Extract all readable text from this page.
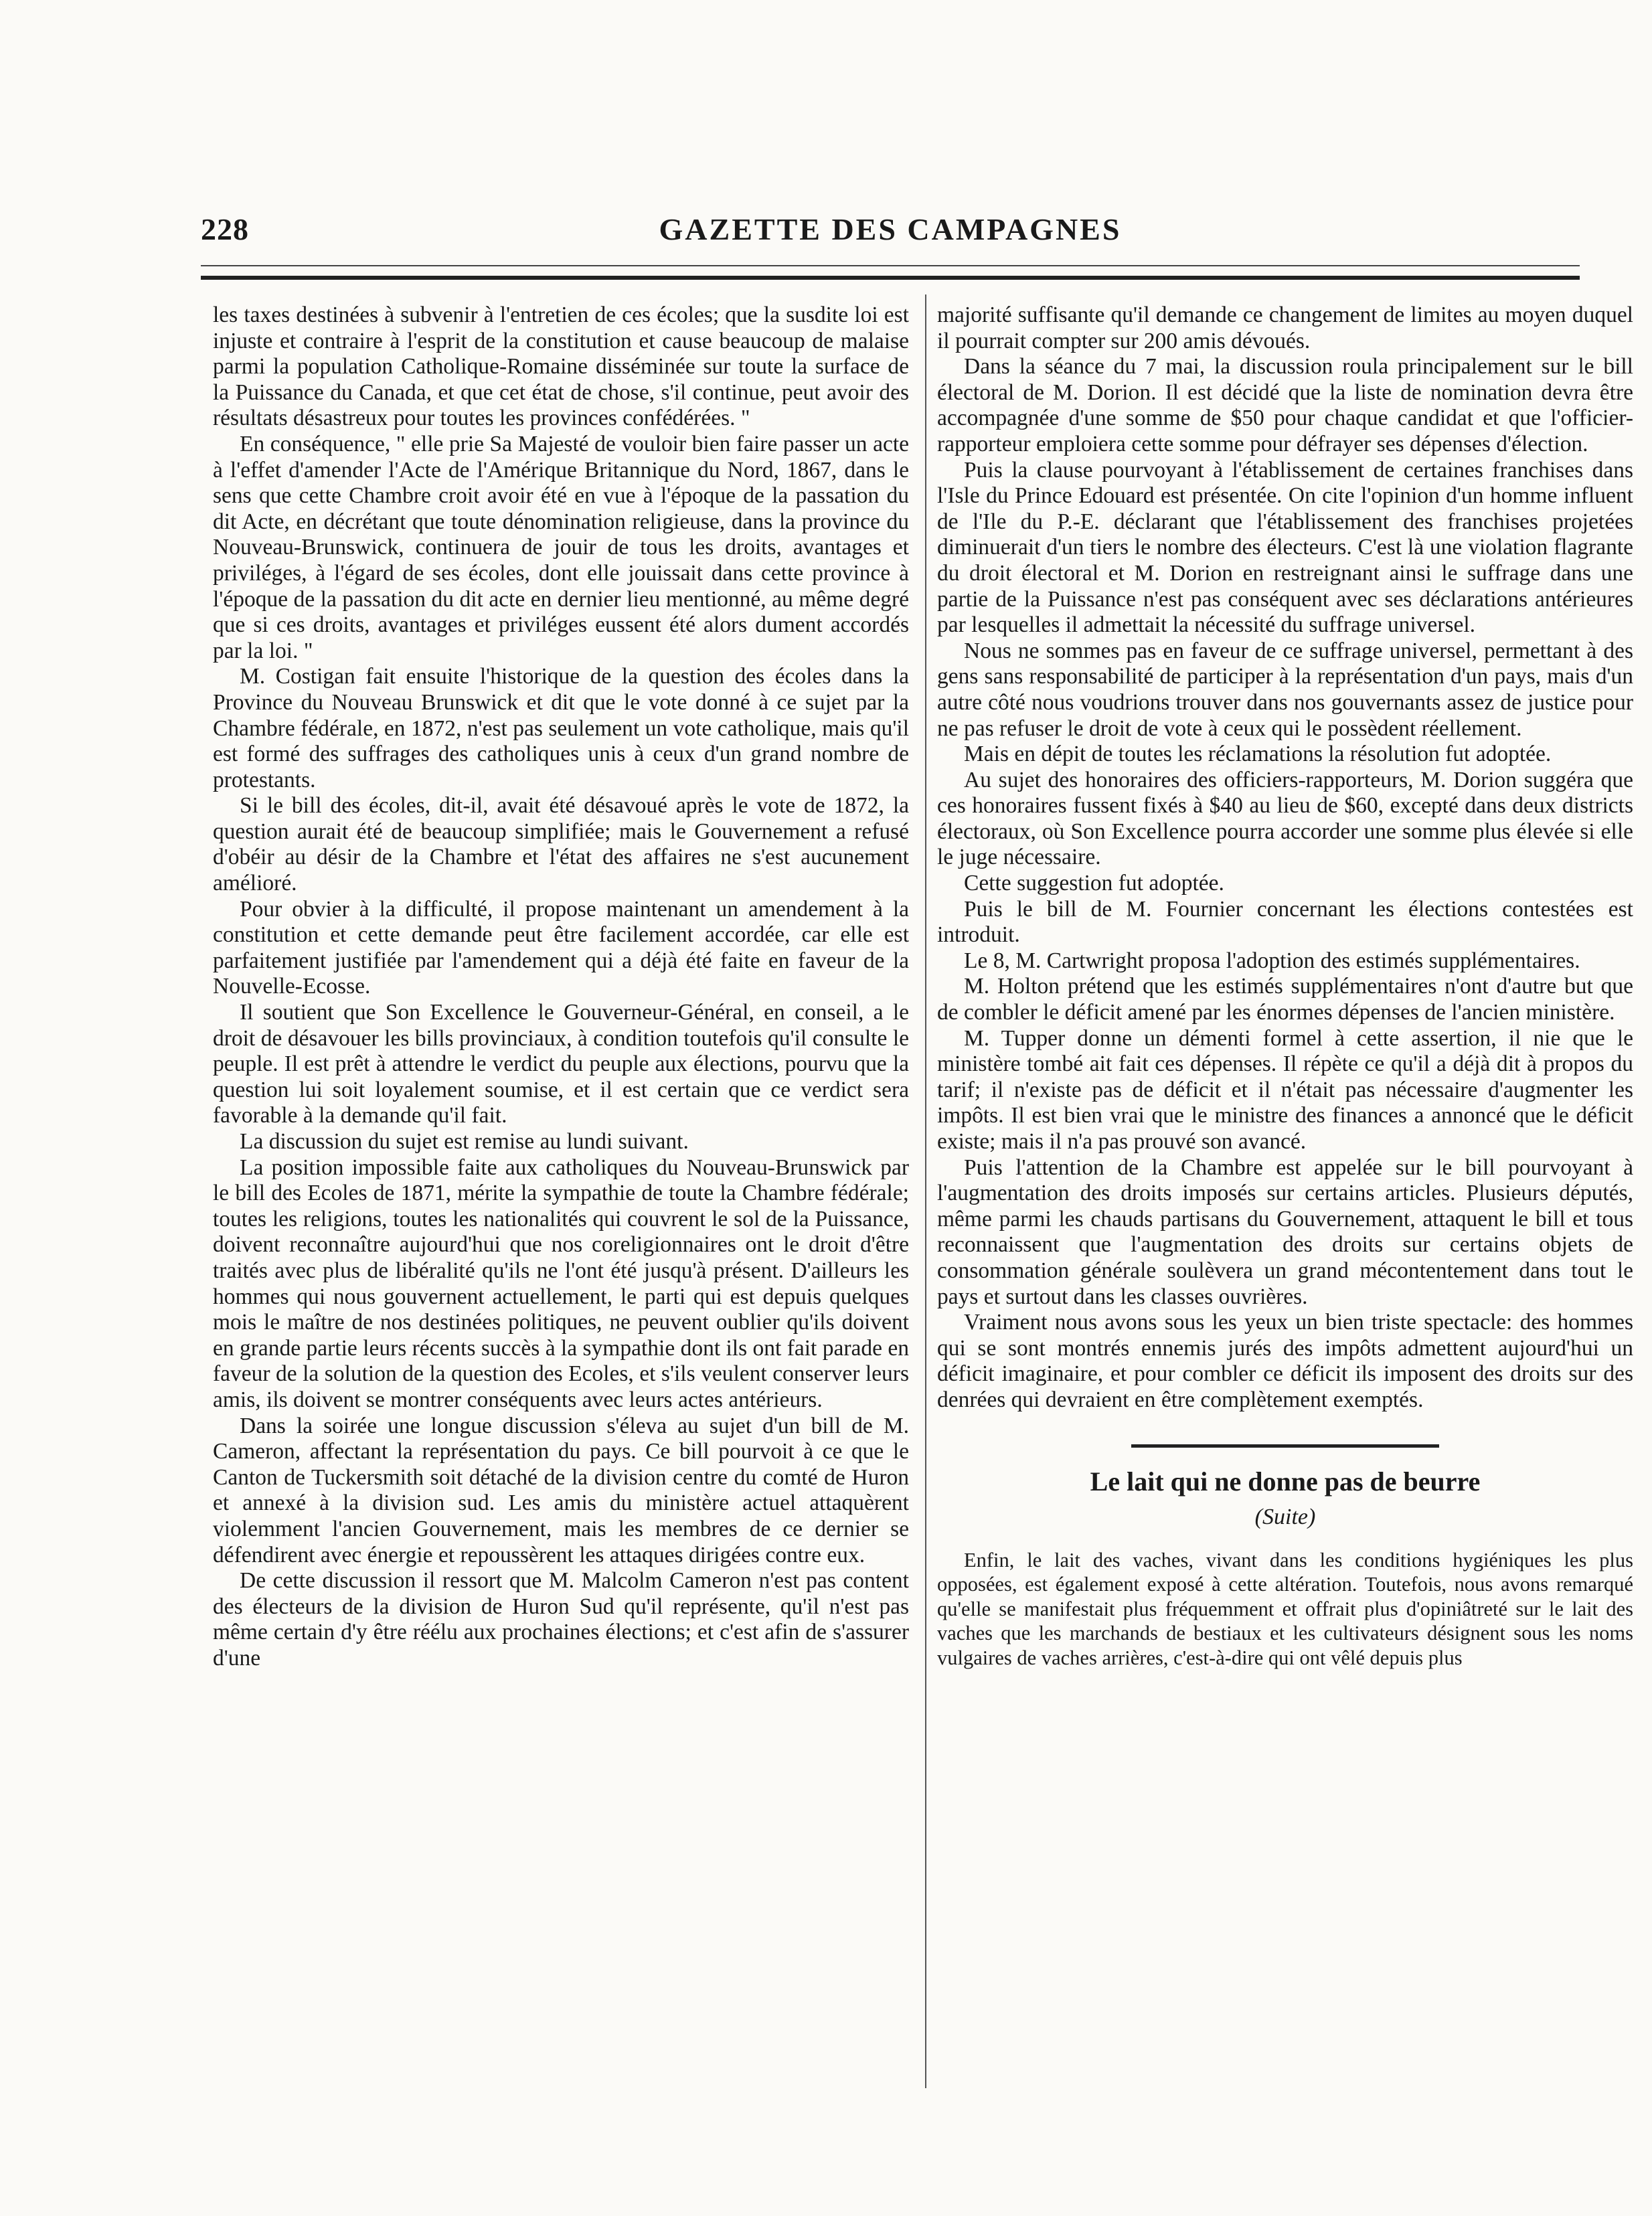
228	GAZETTE DES CAMPAGNES

les taxes destinées à subvenir à l'entretien de ces écoles; que la susdite loi est injuste et contraire à l'esprit de la constitution et cause beaucoup de malaise parmi la population Catholique-Romaine disséminée sur toute la surface de la Puissance du Canada, et que cet état de chose, s'il continue, peut avoir des résultats désastreux pour toutes les provinces confédérées. "

En conséquence, " elle prie Sa Majesté de vouloir bien faire passer un acte à l'effet d'amender l'Acte de l'Amérique Britannique du Nord, 1867, dans le sens que cette Chambre croit avoir été en vue à l'époque de la passation du dit Acte, en décrétant que toute dénomination religieuse, dans la province du Nouveau-Brunswick, continuera de jouir de tous les droits, avantages et priviléges, à l'égard de ses écoles, dont elle jouissait dans cette province à l'époque de la passation du dit acte en dernier lieu mentionné, au même degré que si ces droits, avantages et priviléges eussent été alors dument accordés par la loi. "

M. Costigan fait ensuite l'historique de la question des écoles dans la Province du Nouveau Brunswick et dit que le vote donné à ce sujet par la Chambre fédérale, en 1872, n'est pas seulement un vote catholique, mais qu'il est formé des suffrages des catholiques unis à ceux d'un grand nombre de protestants.

Si le bill des écoles, dit-il, avait été désavoué après le vote de 1872, la question aurait été de beaucoup simplifiée; mais le Gouvernement a refusé d'obéir au désir de la Chambre et l'état des affaires ne s'est aucunement amélioré.

Pour obvier à la difficulté, il propose maintenant un amendement à la constitution et cette demande peut être facilement accordée, car elle est parfaitement justifiée par l'amendement qui a déjà été faite en faveur de la Nouvelle-Ecosse.

Il soutient que Son Excellence le Gouverneur-Général, en conseil, a le droit de désavouer les bills provinciaux, à condition toutefois qu'il consulte le peuple. Il est prêt à attendre le verdict du peuple aux élections, pourvu que la question lui soit loyalement soumise, et il est certain que ce verdict sera favorable à la demande qu'il fait.

La discussion du sujet est remise au lundi suivant.

La position impossible faite aux catholiques du Nouveau-Brunswick par le bill des Ecoles de 1871, mérite la sympathie de toute la Chambre fédérale; toutes les religions, toutes les nationalités qui couvrent le sol de la Puissance, doivent reconnaître aujourd'hui que nos coreligionnaires ont le droit d'être traités avec plus de libéralité qu'ils ne l'ont été jusqu'à présent. D'ailleurs les hommes qui nous gouvernent actuellement, le parti qui est depuis quelques mois le maître de nos destinées politiques, ne peuvent oublier qu'ils doivent en grande partie leurs récents succès à la sympathie dont ils ont fait parade en faveur de la solution de la question des Ecoles, et s'ils veulent conserver leurs amis, ils doivent se montrer conséquents avec leurs actes antérieurs.

Dans la soirée une longue discussion s'éleva au sujet d'un bill de M. Cameron, affectant la représentation du pays. Ce bill pourvoit à ce que le Canton de Tuckersmith soit détaché de la division centre du comté de Huron et annexé à la division sud. Les amis du ministère actuel attaquèrent violemment l'ancien Gouvernement, mais les membres de ce dernier se défendirent avec énergie et repoussèrent les attaques dirigées contre eux.

De cette discussion il ressort que M. Malcolm Cameron n'est pas content des électeurs de la division de Huron Sud qu'il représente, qu'il n'est pas même certain d'y être réélu aux prochaines élections; et c'est afin de s'assurer d'une

majorité suffisante qu'il demande ce changement de limites au moyen duquel il pourrait compter sur 200 amis dévoués.

Dans la séance du 7 mai, la discussion roula principalement sur le bill électoral de M. Dorion. Il est décidé que la liste de nomination devra être accompagnée d'une somme de $50 pour chaque candidat et que l'officier-rapporteur emploiera cette somme pour défrayer ses dépenses d'élection.

Puis la clause pourvoyant à l'établissement de certaines franchises dans l'Isle du Prince Edouard est présentée. On cite l'opinion d'un homme influent de l'Ile du P.-E. déclarant que l'établissement des franchises projetées diminuerait d'un tiers le nombre des électeurs. C'est là une violation flagrante du droit électoral et M. Dorion en restreignant ainsi le suffrage dans une partie de la Puissance n'est pas conséquent avec ses déclarations antérieures par lesquelles il admettait la nécessité du suffrage universel.

Nous ne sommes pas en faveur de ce suffrage universel, permettant à des gens sans responsabilité de participer à la représentation d'un pays, mais d'un autre côté nous voudrions trouver dans nos gouvernants assez de justice pour ne pas refuser le droit de vote à ceux qui le possèdent réellement.

Mais en dépit de toutes les réclamations la résolution fut adoptée.

Au sujet des honoraires des officiers-rapporteurs, M. Dorion suggéra que ces honoraires fussent fixés à $40 au lieu de $60, excepté dans deux districts électoraux, où Son Excellence pourra accorder une somme plus élevée si elle le juge nécessaire.

Cette suggestion fut adoptée.

Puis le bill de M. Fournier concernant les élections contestées est introduit.

Le 8, M. Cartwright proposa l'adoption des estimés supplémentaires.

M. Holton prétend que les estimés supplémentaires n'ont d'autre but que de combler le déficit amené par les énormes dépenses de l'ancien ministère.

M. Tupper donne un démenti formel à cette assertion, il nie que le ministère tombé ait fait ces dépenses. Il répète ce qu'il a déjà dit à propos du tarif; il n'existe pas de déficit et il n'était pas nécessaire d'augmenter les impôts. Il est bien vrai que le ministre des finances a annoncé que le déficit existe; mais il n'a pas prouvé son avancé.

Puis l'attention de la Chambre est appelée sur le bill pourvoyant à l'augmentation des droits imposés sur certains articles. Plusieurs députés, même parmi les chauds partisans du Gouvernement, attaquent le bill et tous reconnaissent que l'augmentation des droits sur certains objets de consommation générale soulèvera un grand mécontentement dans tout le pays et surtout dans les classes ouvrières.

Vraiment nous avons sous les yeux un bien triste spectacle: des hommes qui se sont montrés ennemis jurés des impôts admettent aujourd'hui un déficit imaginaire, et pour combler ce déficit ils imposent des droits sur des denrées qui devraient en être complètement exemptés.

Le lait qui ne donne pas de beurre
(Suite)

Enfin, le lait des vaches, vivant dans les conditions hygiéniques les plus opposées, est également exposé à cette altération. Toutefois, nous avons remarqué qu'elle se manifestait plus fréquemment et offrait plus d'opiniâtreté sur le lait des vaches que les marchands de bestiaux et les cultivateurs désignent sous les noms vulgaires de vaches arrières, c'est-à-dire qui ont vêlé depuis plus
